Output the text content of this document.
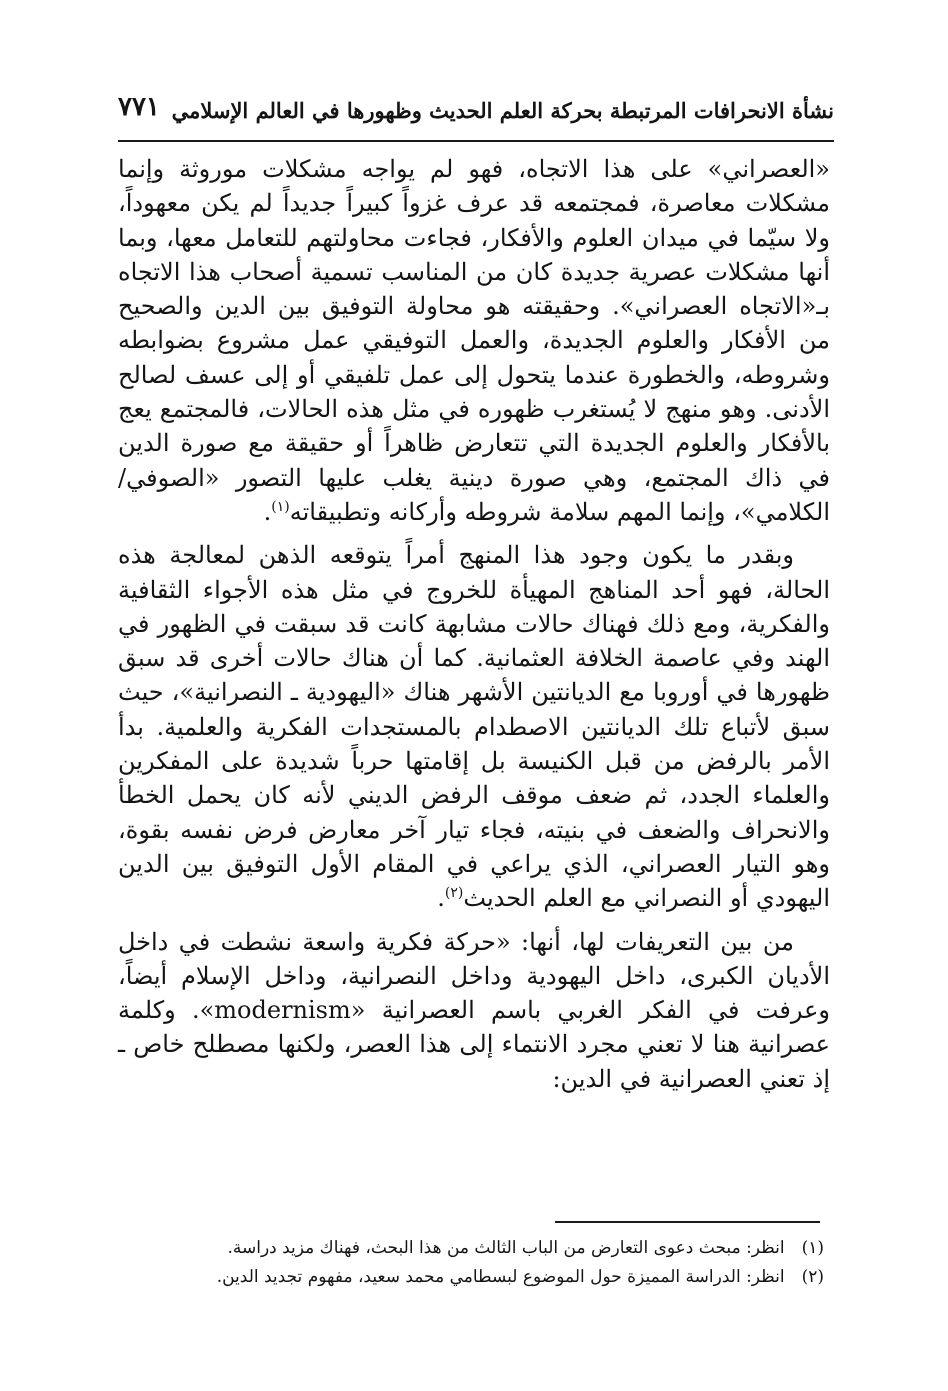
نشأة الانحرافات المرتبطة بحركة العلم الحديث وظهورها في العالم الإسلامي
٧٧١

«العصراني» على هذا الاتجاه، فهو لم يواجه مشكلات موروثة وإنما مشكلات معاصرة، فمجتمعه قد عرف غزواً كبيراً جديداً لم يكن معهوداً، ولا سيّما في ميدان العلوم والأفكار، فجاءت محاولتهم للتعامل معها، وبما أنها مشكلات عصرية جديدة كان من المناسب تسمية أصحاب هذا الاتجاه بـ«الاتجاه العصراني». وحقيقته هو محاولة التوفيق بين الدين والصحيح من الأفكار والعلوم الجديدة، والعمل التوفيقي عمل مشروع بضوابطه وشروطه، والخطورة عندما يتحول إلى عمل تلفيقي أو إلى عسف لصالح الأدنى. وهو منهج لا يُستغرب ظهوره في مثل هذه الحالات، فالمجتمع يعج بالأفكار والعلوم الجديدة التي تتعارض ظاهراً أو حقيقة مع صورة الدين في ذاك المجتمع، وهي صورة دينية يغلب عليها التصور «الصوفي/الكلامي»، وإنما المهم سلامة شروطه وأركانه وتطبيقاته$^{(١)}$.

وبقدر ما يكون وجود هذا المنهج أمراً يتوقعه الذهن لمعالجة هذه الحالة، فهو أحد المناهج المهيأة للخروج في مثل هذه الأجواء الثقافية والفكرية، ومع ذلك فهناك حالات مشابهة كانت قد سبقت في الظهور في الهند وفي عاصمة الخلافة العثمانية. كما أن هناك حالات أخرى قد سبق ظهورها في أوروبا مع الديانتين الأشهر هناك «اليهودية ـ النصرانية»، حيث سبق لأتباع تلك الديانتين الاصطدام بالمستجدات الفكرية والعلمية. بدأ الأمر بالرفض من قبل الكنيسة بل إقامتها حرباً شديدة على المفكرين والعلماء الجدد، ثم ضعف موقف الرفض الديني لأنه كان يحمل الخطأ والانحراف والضعف في بنيته، فجاء تيار آخر معارض فرض نفسه بقوة، وهو التيار العصراني، الذي يراعي في المقام الأول التوفيق بين الدين اليهودي أو النصراني مع العلم الحديث$^{(٢)}$.

من بين التعريفات لها، أنها: «حركة فكرية واسعة نشطت في داخل الأديان الكبرى، داخل اليهودية وداخل النصرانية، وداخل الإسلام أيضاً، وعرفت في الفكر الغربي باسم العصرانية «modernism». وكلمة عصرانية هنا لا تعني مجرد الانتماء إلى هذا العصر، ولكنها مصطلح خاص ـ إذ تعني العصرانية في الدين:

(١) انظر: مبحث دعوى التعارض من الباب الثالث من هذا البحث، فهناك مزيد دراسة.
(٢) انظر: الدراسة المميزة حول الموضوع لبسطامي محمد سعيد، مفهوم تجديد الدين.
